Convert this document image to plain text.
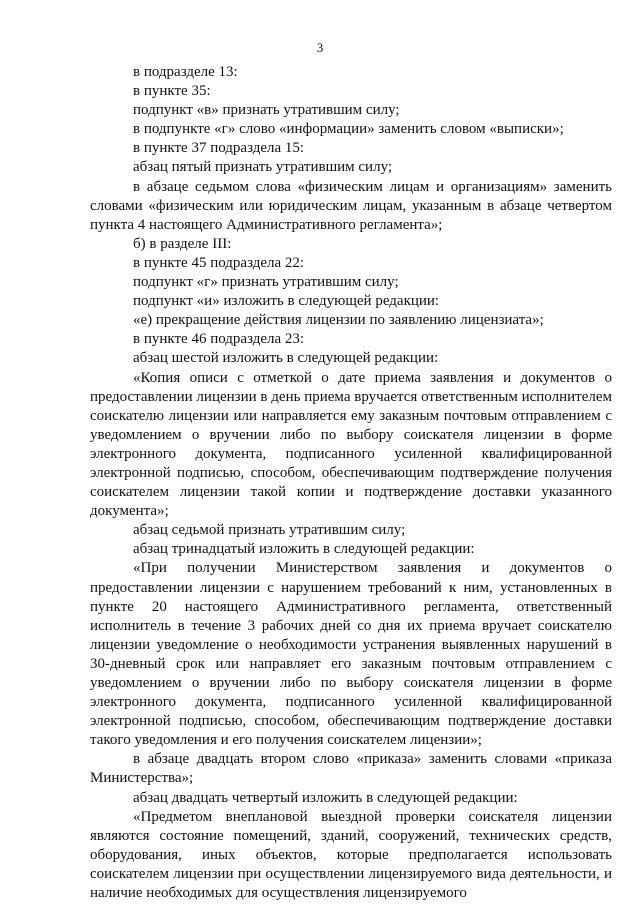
3

в подразделе 13:

в пункте 35:

подпункт «в» признать утратившим силу;

в подпункте «г» слово «информации» заменить словом «выписки»;

в пункте 37 подраздела 15:

абзац пятый признать утратившим силу;

в абзаце седьмом слова «физическим лицам и организациям» заменить словами «физическим или юридическим лицам, указанным в абзаце четвертом пункта 4 настоящего Административного регламента»;

б) в разделе III:

в пункте 45 подраздела 22:

подпункт «г» признать утратившим силу;

подпункт «и» изложить в следующей редакции:

«е) прекращение действия лицензии по заявлению лицензиата»;

в пункте 46 подраздела 23:

абзац шестой изложить в следующей редакции:

«Копия описи с отметкой о дате приема заявления и документов о предоставлении лицензии в день приема вручается ответственным исполнителем соискателю лицензии или направляется ему заказным почтовым отправлением с уведомлением о вручении либо по выбору соискателя лицензии в форме электронного документа, подписанного усиленной квалифицированной электронной подписью, способом, обеспечивающим подтверждение получения соискателем лицензии такой копии и подтверждение доставки указанного документа»;

абзац седьмой признать утратившим силу;

абзац тринадцатый изложить в следующей редакции:

«При получении Министерством заявления и документов о предоставлении лицензии с нарушением требований к ним, установленных в пункте 20 настоящего Административного регламента, ответственный исполнитель в течение 3 рабочих дней со дня их приема вручает соискателю лицензии уведомление о необходимости устранения выявленных нарушений в 30-дневный срок или направляет его заказным почтовым отправлением с уведомлением о вручении либо по выбору соискателя лицензии в форме электронного документа, подписанного усиленной квалифицированной электронной подписью, способом, обеспечивающим подтверждение доставки такого уведомления и его получения соискателем лицензии»;

в абзаце двадцать втором слово «приказа» заменить словами «приказа Министерства»;

абзац двадцать четвертый изложить в следующей редакции:

«Предметом внеплановой выездной проверки соискателя лицензии являются состояние помещений, зданий, сооружений, технических средств, оборудования, иных объектов, которые предполагается использовать соискателем лицензии при осуществлении лицензируемого вида деятельности, и наличие необходимых для осуществления лицензируемого
